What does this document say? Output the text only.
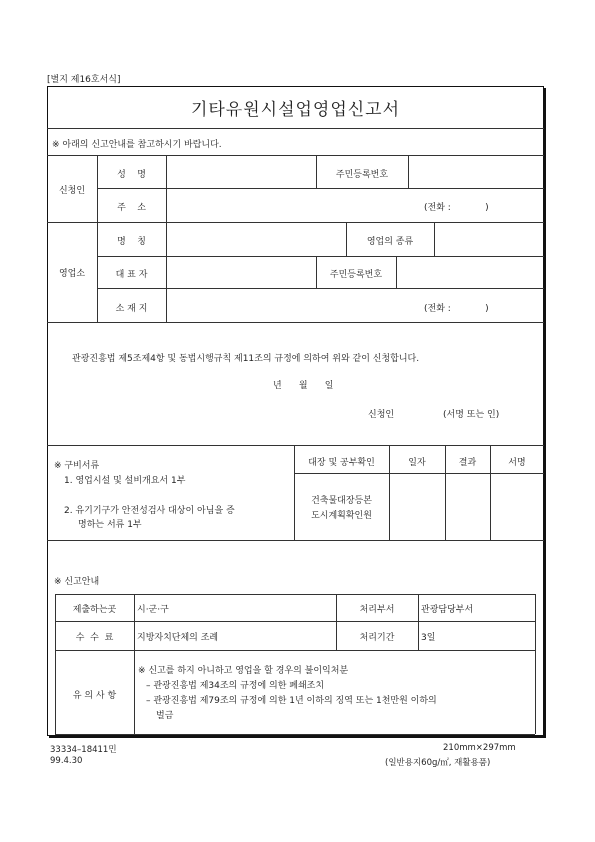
[별지 제16호서식]
기타유원시설업영업신고서
※ 아래의 신고안내를 참고하시기 바랍니다.
신청인
성    명	주민등록번호
주    소	(전화 :            )
영업소
명    칭	영업의 종류
대 표 자	주민등록번호
소 재 지	(전화 :            )
관광진흥법 제5조제4항 및 동법시행규칙 제11조의 규정에 의하여 위와 같이 신청합니다.
년      월      일
신청인	(서명 또는 인)
※ 구비서류
1. 영업시설 및 설비개요서 1부
2. 유기기구가 안전성검사 대상이 아님을 증
명하는 서류 1부
대장 및 공부확인	일자	결과	서명
건축물대장등본
도시계획확인원
※ 신고안내
제출하는곳	시·군·구	처리부서	관광담당부서
수  수  료	지방자치단체의 조례	처리기간	3일
유 의 사 항
※ 신고를 하지 아니하고 영업을 할 경우의 불이익처분
– 관광진흥법 제34조의 규정에 의한 폐쇄조치
– 관광진흥법 제79조의 규정에 의한 1년 이하의 징역 또는 1천만원 이하의
벌금
33334–18411민
99.4.30
210mm×297mm
(일반용지60g/㎡, 재활용품)
